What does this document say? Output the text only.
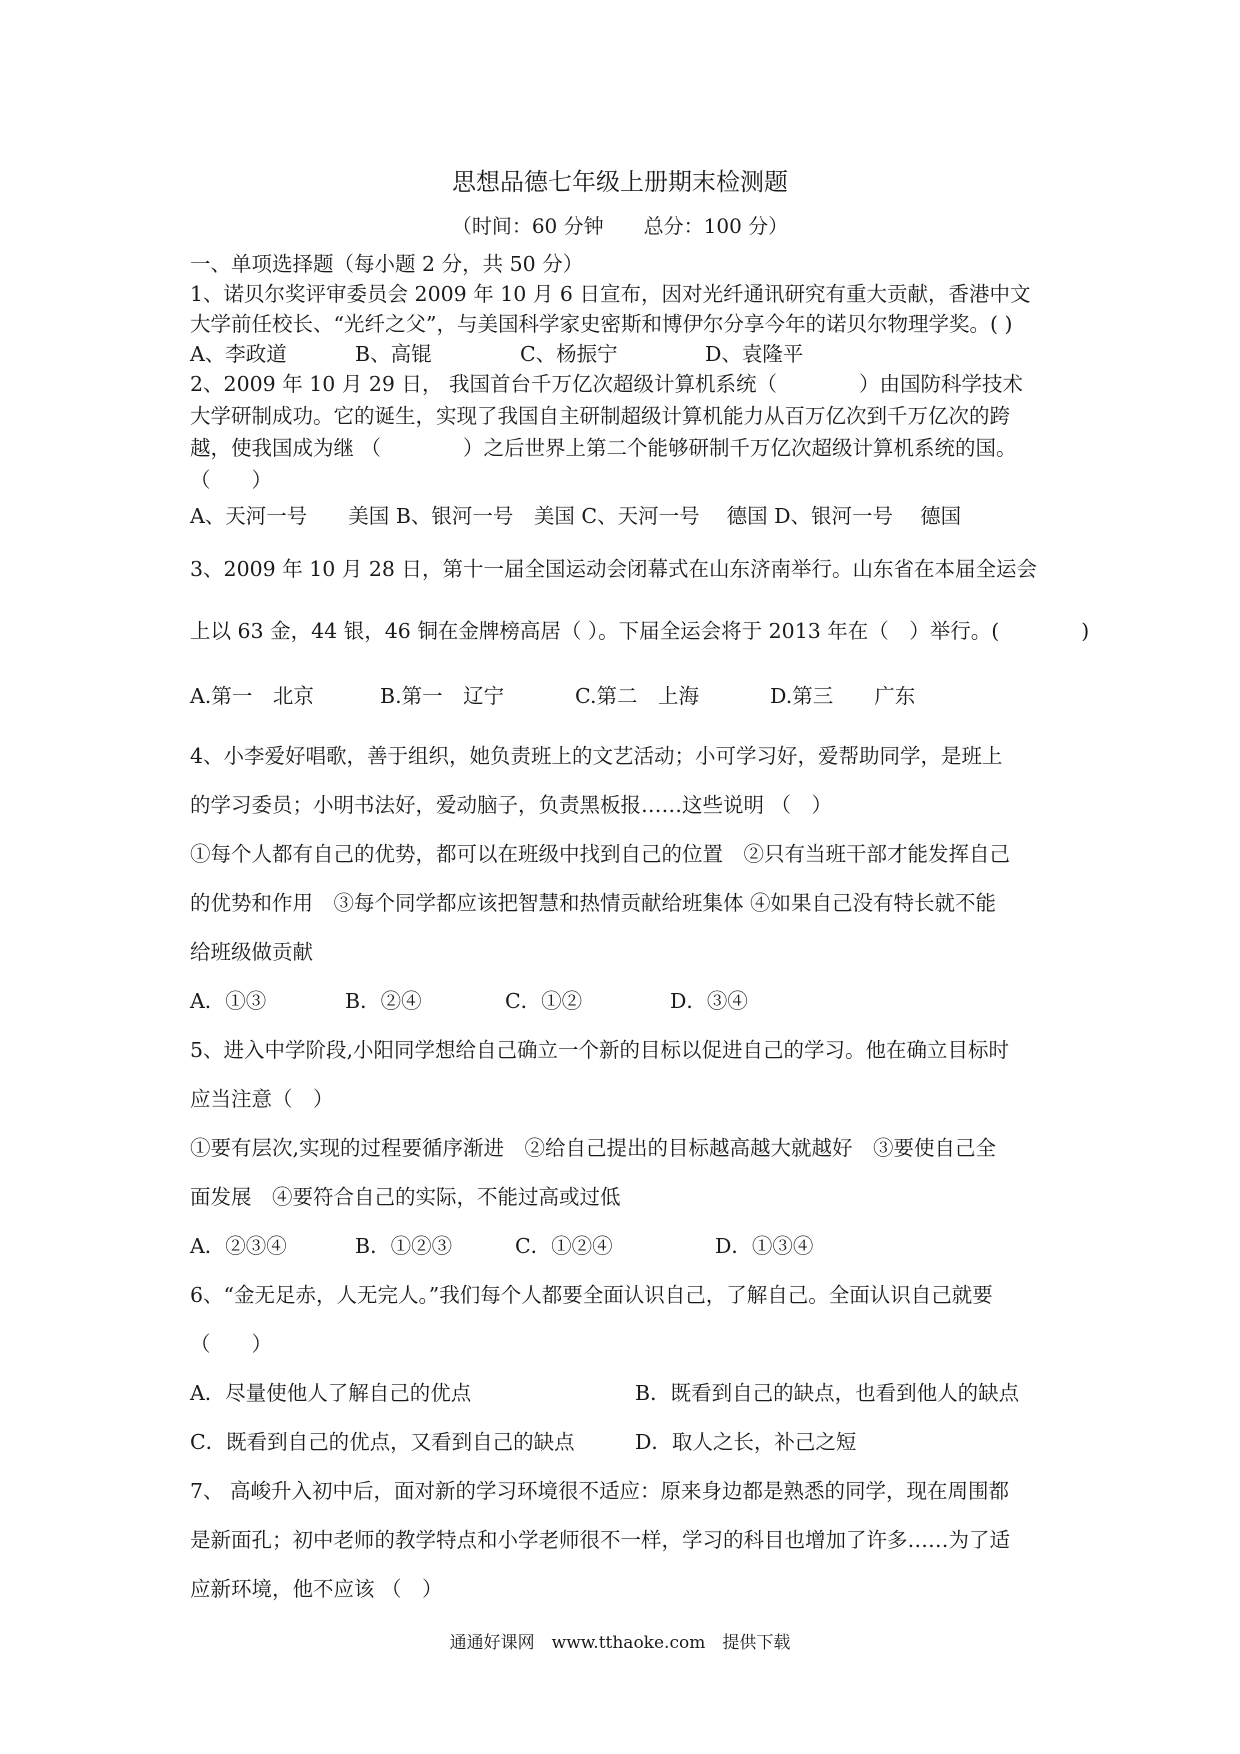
思想品德七年级上册期末检测题
（时间：60 分钟　　总分：100 分）
一、单项选择题（每小题 2 分，共 50 分）
1、诺贝尔奖评审委员会 2009 年 10 月 6 日宣布，因对光纤通讯研究有重大贡献，香港中文
大学前任校长、“光纤之父”，与美国科学家史密斯和博伊尔分享今年的诺贝尔物理学奖。( )
A、李政道	B、高锟	C、杨振宁	D、袁隆平
2、2009 年 10 月 29 日， 我国首台千万亿次超级计算机系统（　　　　）由国防科学技术
大学研制成功。它的诞生，实现了我国自主研制超级计算机能力从百万亿次到千万亿次的跨
越，使我国成为继 （　　　　）之后世界上第二个能够研制千万亿次超级计算机系统的国。
（　　）
A、天河一号　　美国 B、银河一号　美国 C、天河一号　 德国 D、银河一号　 德国
3、2009 年 10 月 28 日，第十一届全国运动会闭幕式在山东济南举行。山东省在本届全运会
上以 63 金，44 银，46 铜在金牌榜高居（ ）。下届全运会将于 2013 年在（　）举行。(　　　　)
A.第一　北京	B.第一　辽宁	C.第二　上海	D.第三　　广东
4、小李爱好唱歌，善于组织，她负责班上的文艺活动；小可学习好，爱帮助同学，是班上
的学习委员；小明书法好，爱动脑子，负责黑板报……这些说明 （　）
①每个人都有自己的优势，都可以在班级中找到自己的位置　②只有当班干部才能发挥自己
的优势和作用　③每个同学都应该把智慧和热情贡献给班集体 ④如果自己没有特长就不能
给班级做贡献
A．①③	B．②④	C．①②	D．③④
5、进入中学阶段,小阳同学想给自己确立一个新的目标以促进自己的学习。他在确立目标时
应当注意（　）
①要有层次,实现的过程要循序渐进　②给自己提出的目标越高越大就越好　③要使自己全
面发展　④要符合自己的实际，不能过高或过低
A．②③④	B．①②③	C．①②④	D．①③④
6、“金无足赤，人无完人。”我们每个人都要全面认识自己，了解自己。全面认识自己就要
（　　）
A．尽量使他人了解自己的优点	B．既看到自己的缺点，也看到他人的缺点
C．既看到自己的优点，又看到自己的缺点	D．取人之长，补己之短
7、 高峻升入初中后，面对新的学习环境很不适应：原来身边都是熟悉的同学，现在周围都
是新面孔；初中老师的教学特点和小学老师很不一样，学习的科目也增加了许多……为了适
应新环境，他不应该 （　）
通通好课网　www.tthaoke.com　提供下载
